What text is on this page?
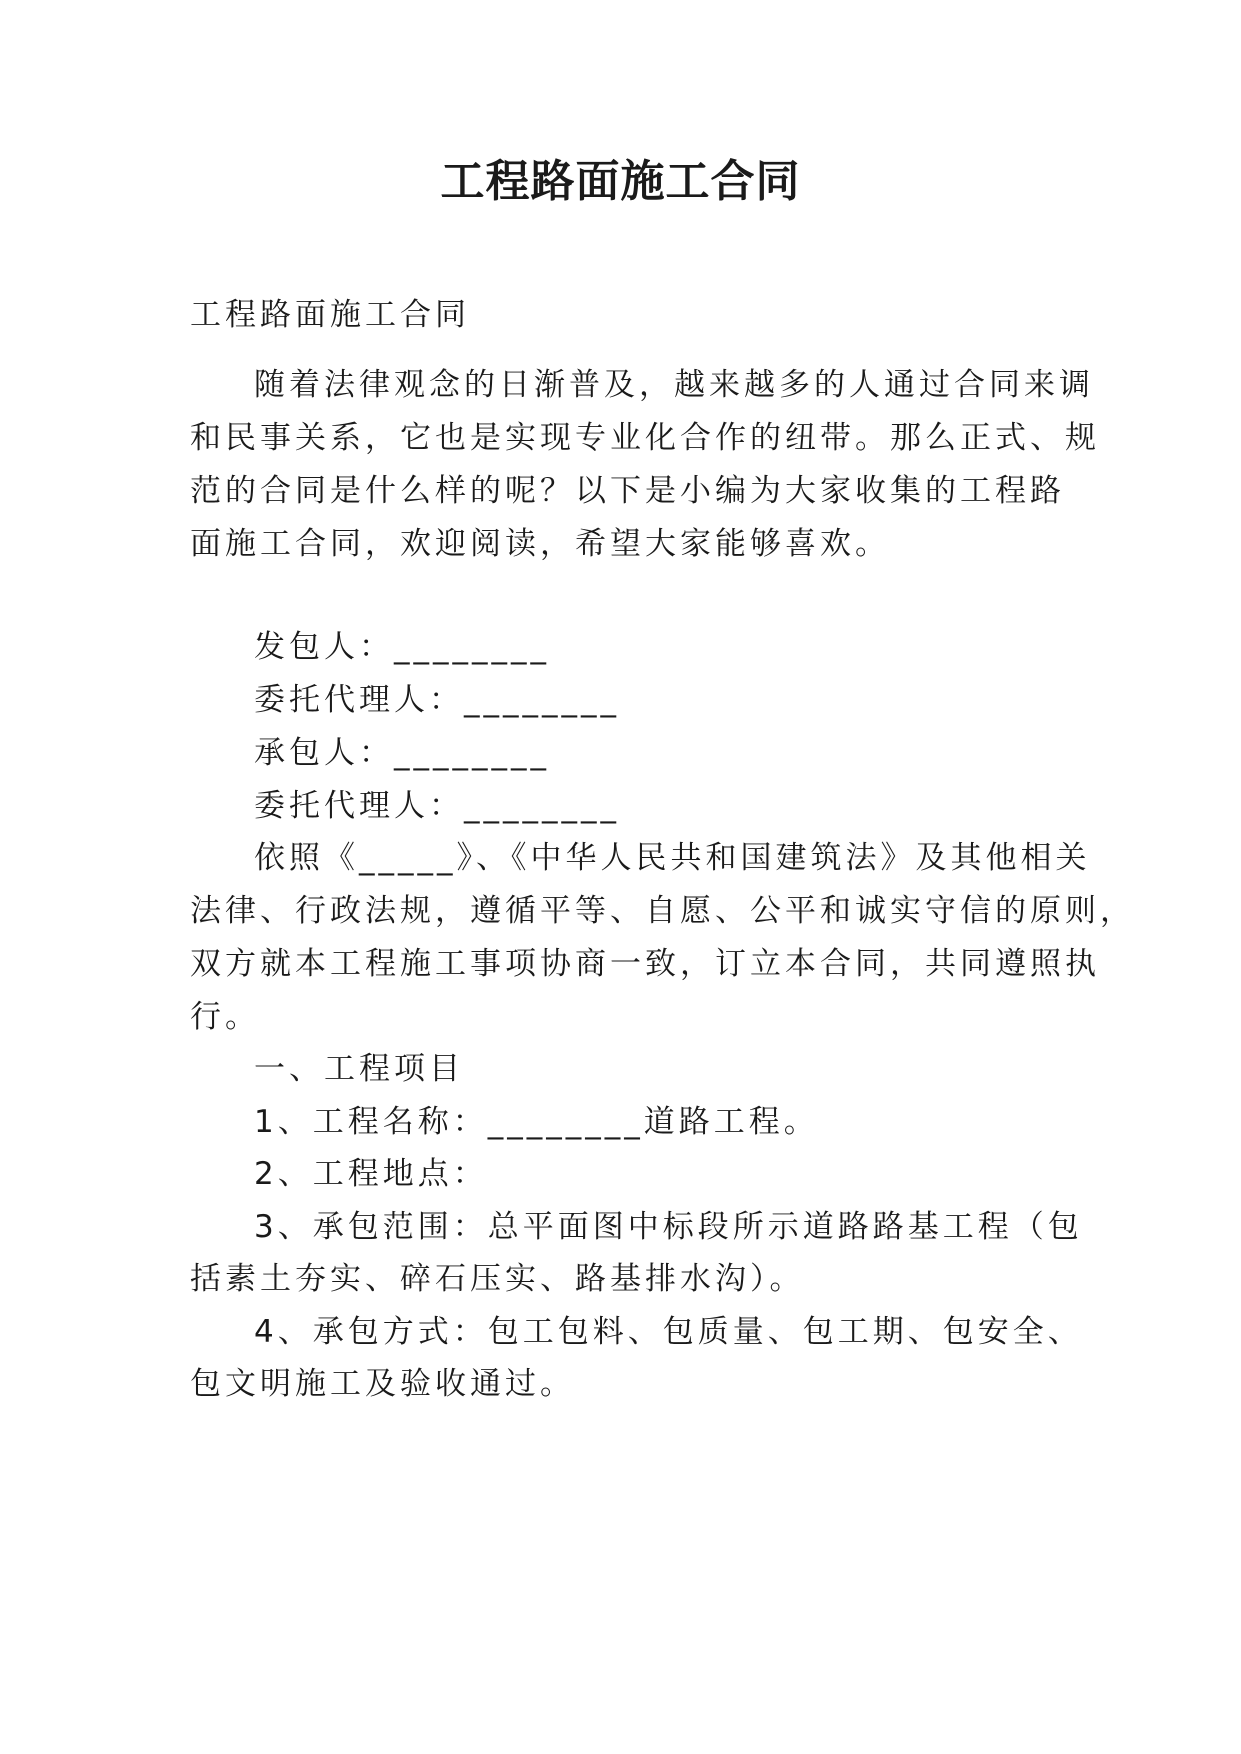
工程路面施工合同
工程路面施工合同
随着法律观念的日渐普及，越来越多的人通过合同来调
和民事关系，它也是实现专业化合作的纽带。那么正式、规
范的合同是什么样的呢？以下是小编为大家收集的工程路
面施工合同，欢迎阅读，希望大家能够喜欢。
发包人：________
委托代理人：________
承包人：________
委托代理人：________
依照《_____》、《中华人民共和国建筑法》及其他相关
法律、行政法规，遵循平等、自愿、公平和诚实守信的原则，
双方就本工程施工事项协商一致，订立本合同，共同遵照执
行。
一、工程项目
1、工程名称：________道路工程。
2、工程地点：
3、承包范围：总平面图中标段所示道路路基工程（包
括素土夯实、碎石压实、路基排水沟）。
4、承包方式：包工包料、包质量、包工期、包安全、
包文明施工及验收通过。
